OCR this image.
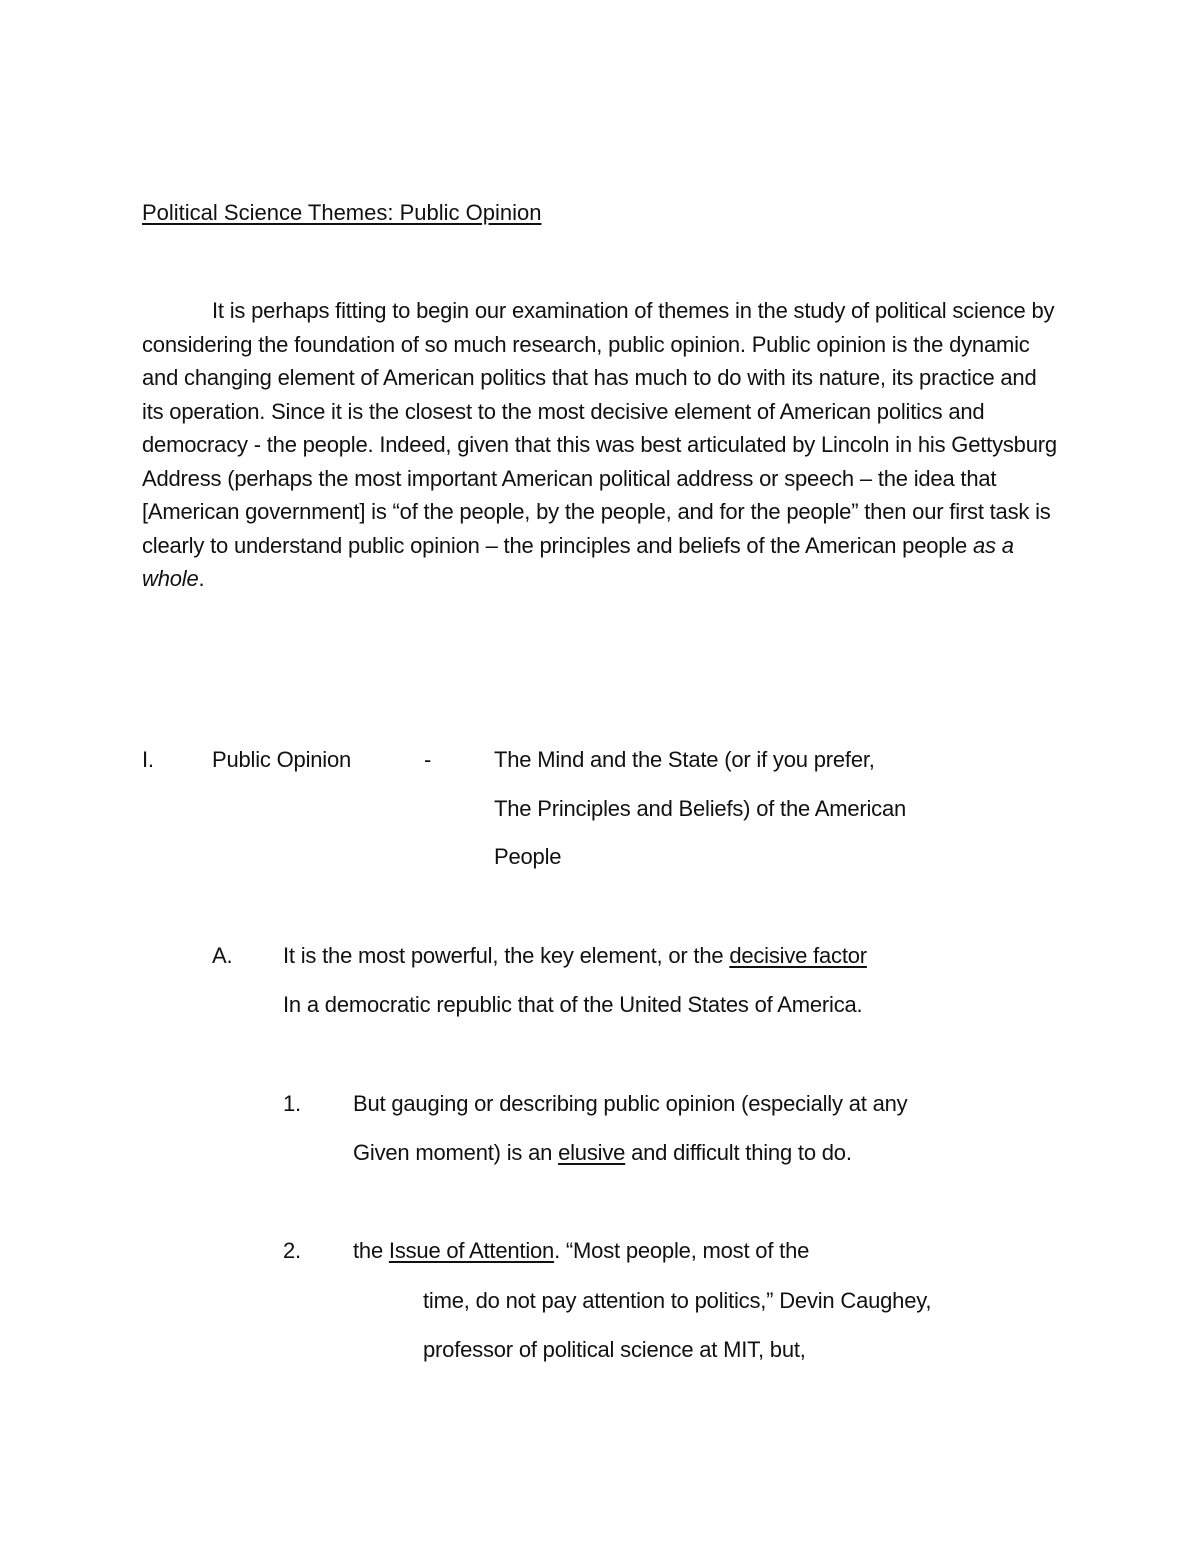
Political Science Themes: Public Opinion

It is perhaps fitting to begin our examination of themes in the study of political science by considering the foundation of so much research, public opinion. Public opinion is the dynamic and changing element of American politics that has much to do with its nature, its practice and its operation. Since it is the closest to the most decisive element of American politics and democracy - the people. Indeed, given that this was best articulated by Lincoln in his Gettysburg Address (perhaps the most important American political address or speech – the idea that [American government] is “of the people, by the people, and for the people” then our first task is clearly to understand public opinion – the principles and beliefs of the American people as a whole.

I.	Public Opinion	-	The Mind and the State (or if you prefer,
The Principles and Beliefs) of the American
People
A. It is the most powerful, the key element, or the decisive factor
In a democratic republic that of the United States of America.
1. But gauging or describing public opinion (especially at any
Given moment) is an elusive and difficult thing to do.
2. the Issue of Attention. “Most people, most of the
time, do not pay attention to politics,” Devin Caughey,
professor of political science at MIT, but,
